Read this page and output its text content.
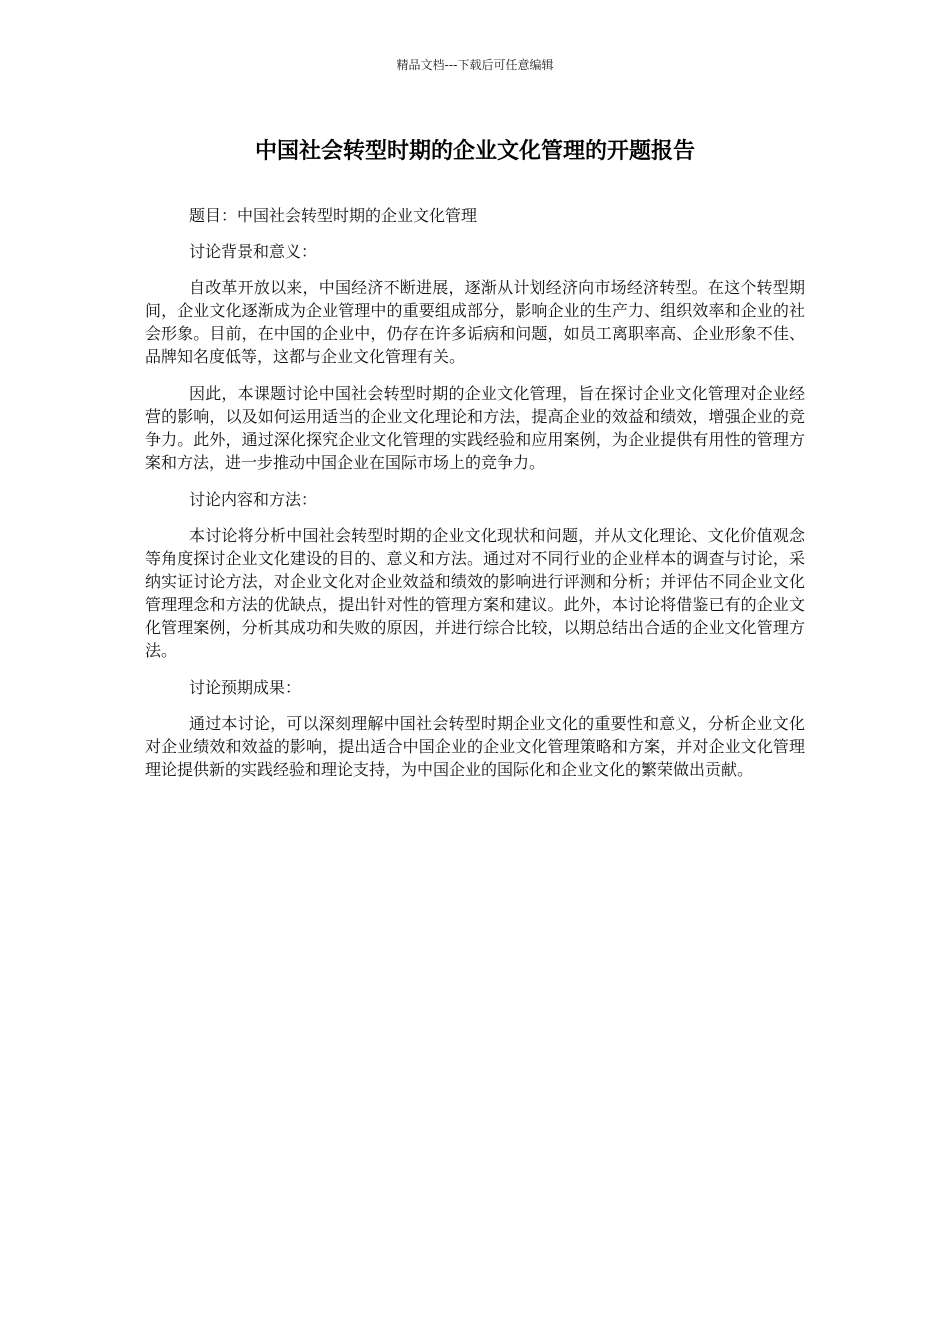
精品文档---下载后可任意编辑
中国社会转型时期的企业文化管理的开题报告

题目：中国社会转型时期的企业文化管理

讨论背景和意义：

自改革开放以来，中国经济不断进展，逐渐从计划经济向市场经济转型。在这个转型期间，企业文化逐渐成为企业管理中的重要组成部分，影响企业的生产力、组织效率和企业的社会形象。目前，在中国的企业中，仍存在许多诟病和问题，如员工离职率高、企业形象不佳、品牌知名度低等，这都与企业文化管理有关。

因此，本课题讨论中国社会转型时期的企业文化管理，旨在探讨企业文化管理对企业经营的影响，以及如何运用适当的企业文化理论和方法，提高企业的效益和绩效，增强企业的竞争力。此外，通过深化探究企业文化管理的实践经验和应用案例，为企业提供有用性的管理方案和方法，进一步推动中国企业在国际市场上的竞争力。

讨论内容和方法：

本讨论将分析中国社会转型时期的企业文化现状和问题，并从文化理论、文化价值观念等角度探讨企业文化建设的目的、意义和方法。通过对不同行业的企业样本的调查与讨论，采纳实证讨论方法，对企业文化对企业效益和绩效的影响进行评测和分析；并评估不同企业文化管理理念和方法的优缺点，提出针对性的管理方案和建议。此外，本讨论将借鉴已有的企业文化管理案例，分析其成功和失败的原因，并进行综合比较，以期总结出合适的企业文化管理方法。

讨论预期成果：

通过本讨论，可以深刻理解中国社会转型时期企业文化的重要性和意义，分析企业文化对企业绩效和效益的影响，提出适合中国企业的企业文化管理策略和方案，并对企业文化管理理论提供新的实践经验和理论支持，为中国企业的国际化和企业文化的繁荣做出贡献。
